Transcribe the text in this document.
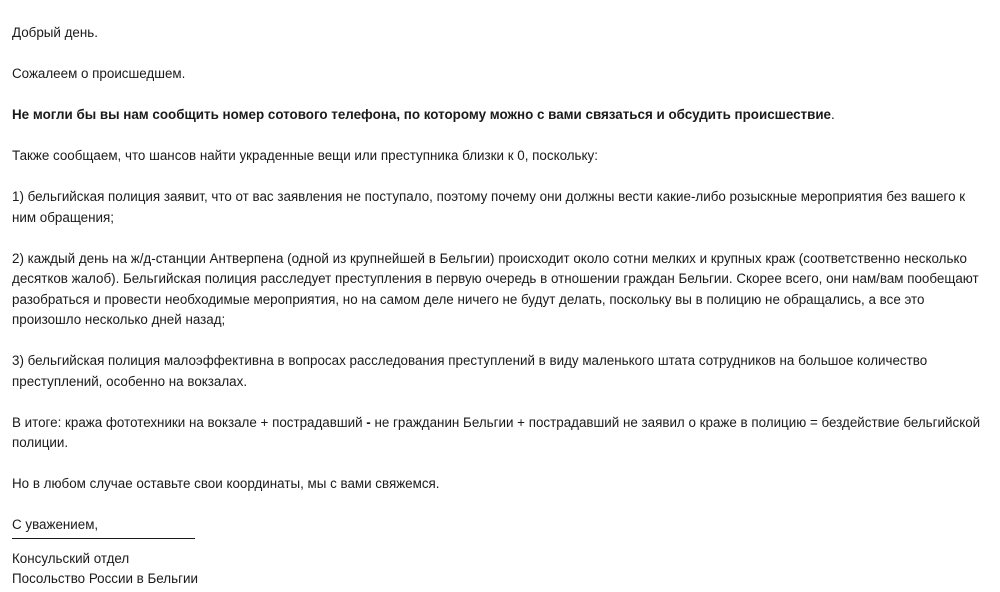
Добрый день.

Сожалеем о происшедшем.

Не могли бы вы нам сообщить номер сотового телефона, по которому можно с вами связаться и обсудить происшествие.

Также сообщаем, что шансов найти украденные вещи или преступника близки к 0, поскольку:

1) бельгийская полиция заявит, что от вас заявления не поступало, поэтому почему они должны вести какие-либо розыскные мероприятия без вашего к ним обращения;

2) каждый день на ж/д-станции Антверпена (одной из крупнейшей в Бельгии) происходит около сотни мелких и крупных краж (соответственно несколько десятков жалоб). Бельгийская полиция расследует преступления в первую очередь в отношении граждан Бельгии. Скорее всего, они нам/вам пообещают разобраться и провести необходимые мероприятия, но на самом деле ничего не будут делать, поскольку вы в полицию не обращались, а все это произошло несколько дней назад;

3) бельгийская полиция малоэффективна в вопросах расследования преступлений в виду маленького штата сотрудников на большое количество преступлений, особенно на вокзалах.

В итоге: кража фототехники на вокзале + пострадавший - не гражданин Бельгии + пострадавший не заявил о краже в полицию = бездействие бельгийской полиции.

Но в любом случае оставьте свои координаты, мы с вами свяжемся.

С уважением,

Консульский отдел

Посольство России в Бельгии
